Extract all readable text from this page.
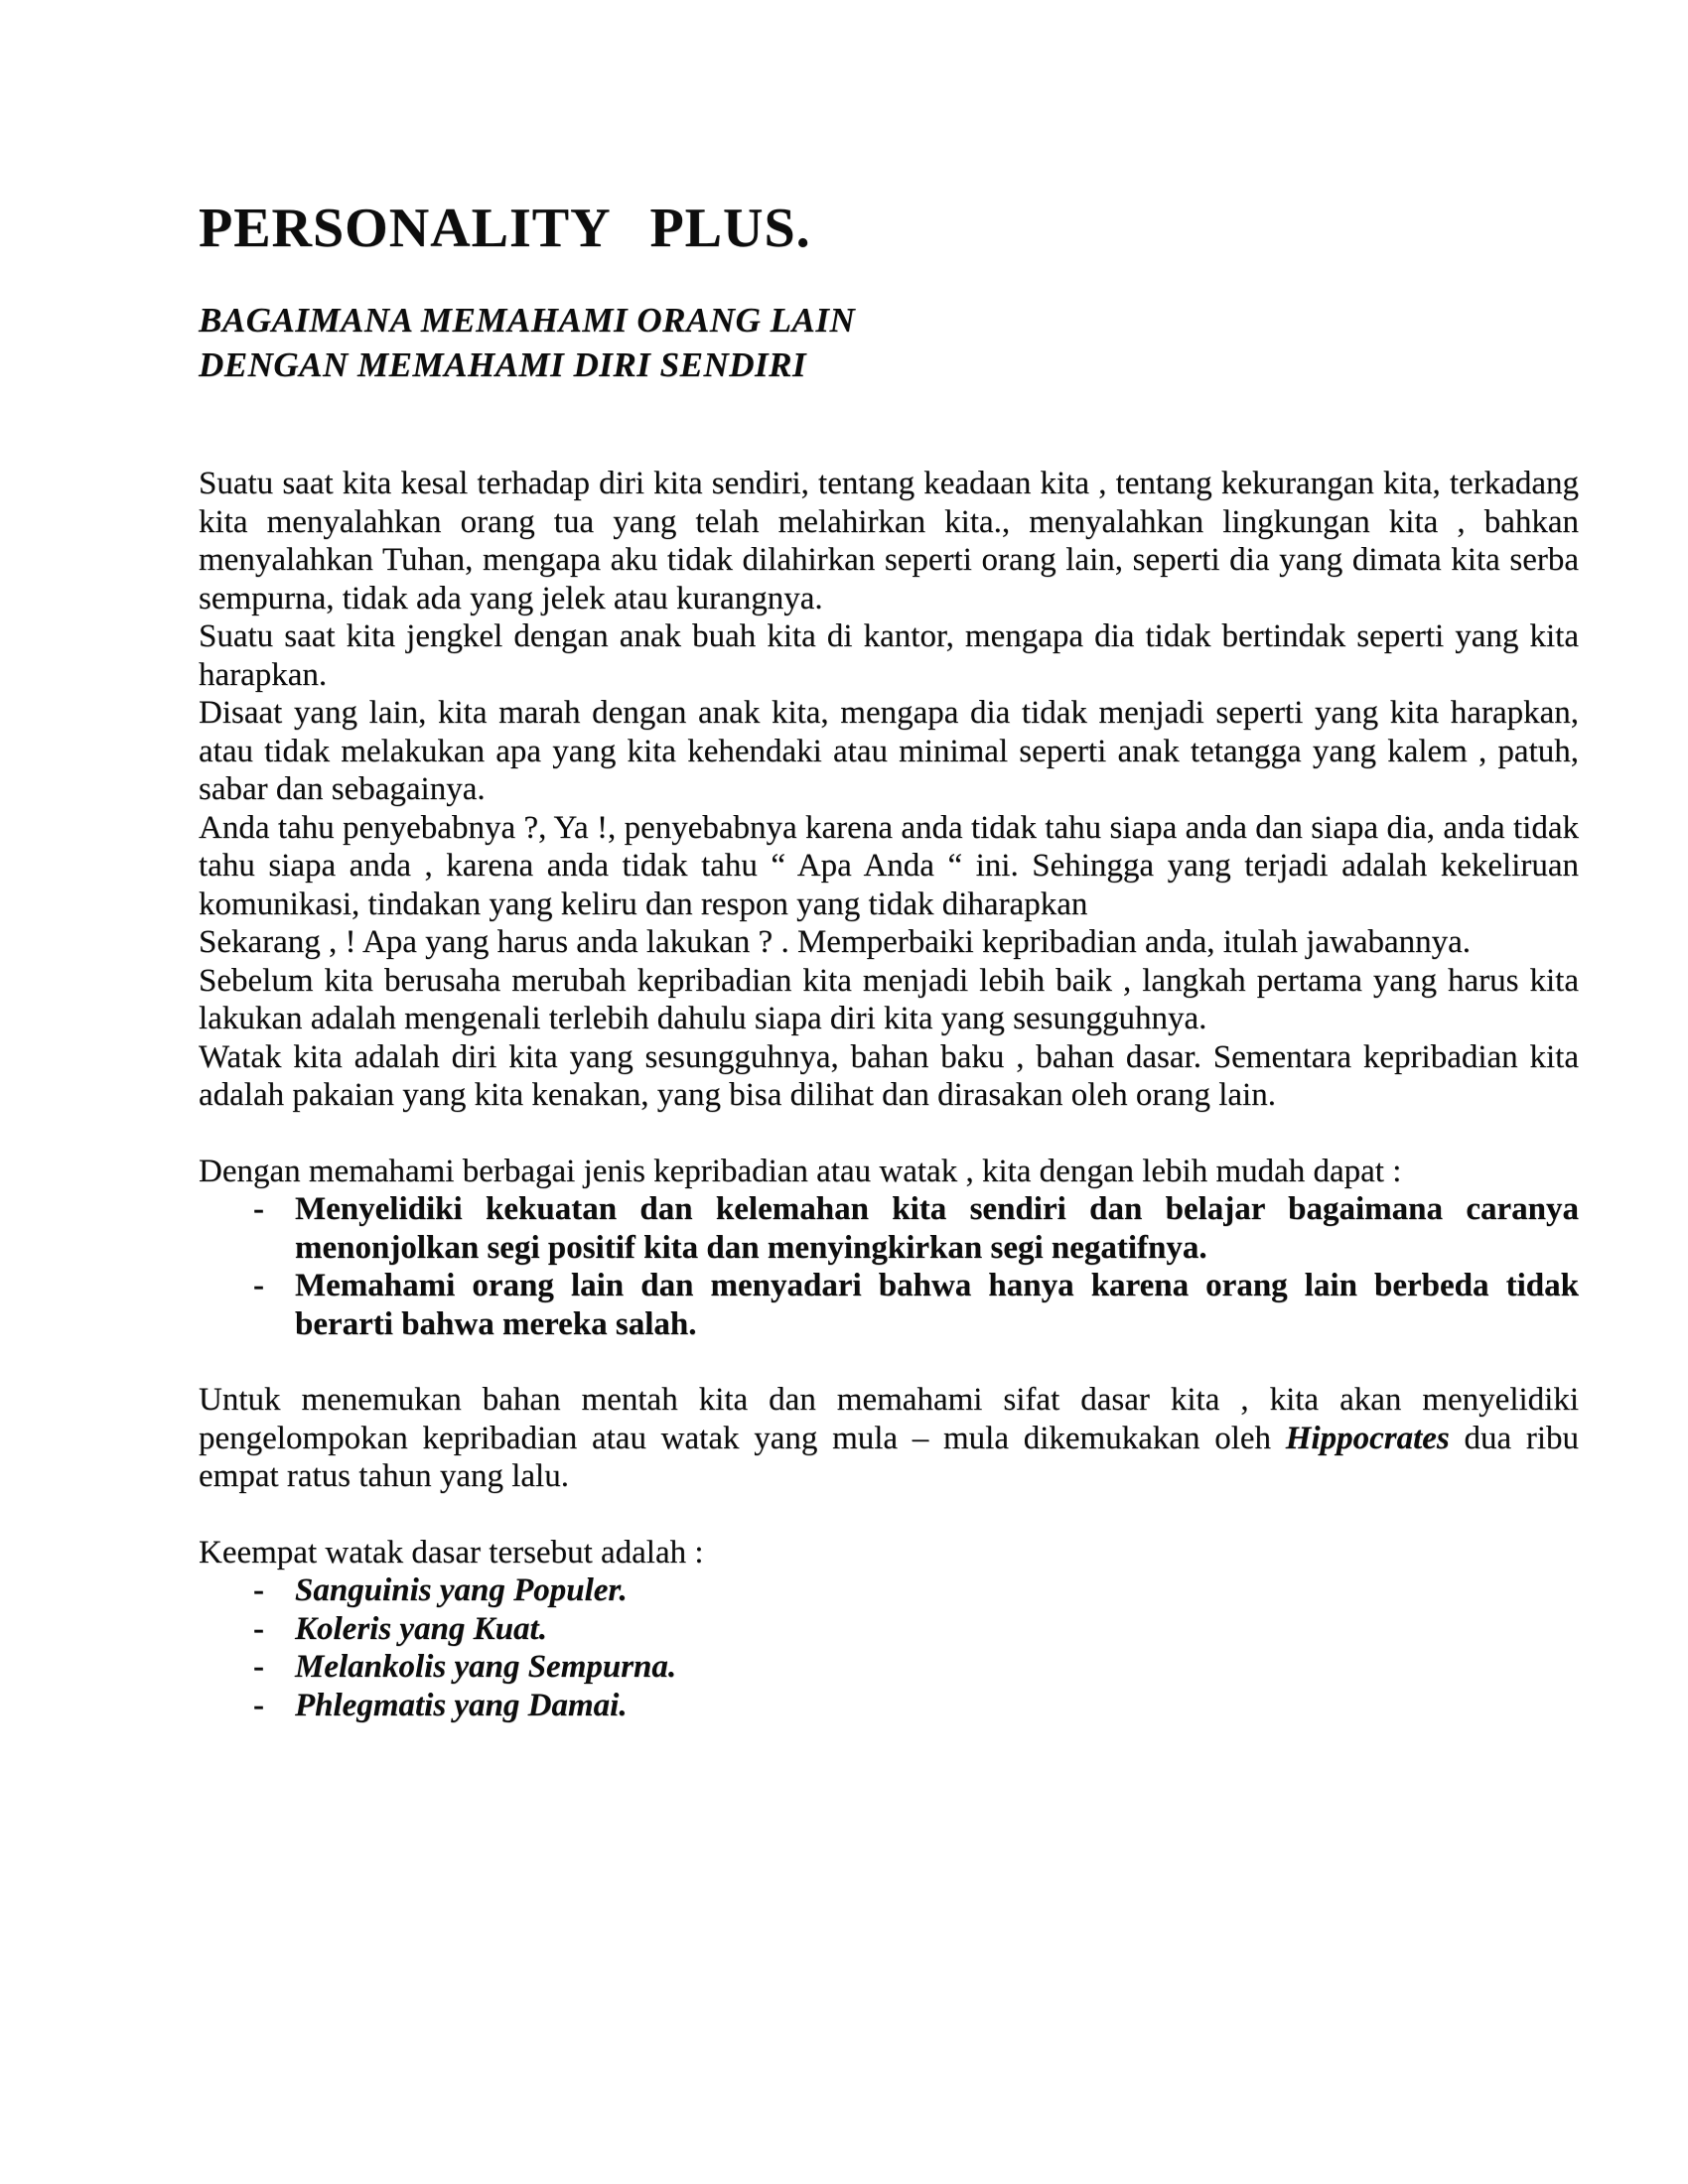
PERSONALITY PLUS.
BAGAIMANA MEMAHAMI ORANG LAIN
DENGAN MEMAHAMI DIRI SENDIRI

Suatu saat kita kesal terhadap diri kita sendiri, tentang keadaan kita , tentang kekurangan kita, terkadang kita menyalahkan orang tua yang telah melahirkan kita., menyalahkan lingkungan kita , bahkan menyalahkan Tuhan, mengapa aku tidak dilahirkan seperti orang lain, seperti dia yang dimata kita serba sempurna, tidak ada yang jelek atau kurangnya.

Suatu saat kita jengkel dengan anak buah kita di kantor, mengapa dia tidak bertindak seperti yang kita harapkan.

Disaat yang lain, kita marah dengan anak kita, mengapa dia tidak menjadi seperti yang kita harapkan, atau tidak melakukan apa yang kita kehendaki atau minimal seperti anak tetangga yang kalem , patuh, sabar dan sebagainya.

Anda tahu penyebabnya ?, Ya !, penyebabnya karena anda tidak tahu siapa anda dan siapa dia, anda tidak tahu siapa anda , karena anda tidak tahu “ Apa Anda “ ini. Sehingga yang terjadi adalah kekeliruan komunikasi, tindakan yang keliru dan respon yang tidak diharapkan

Sekarang , ! Apa yang harus anda lakukan ? . Memperbaiki kepribadian anda, itulah jawabannya.

Sebelum kita berusaha merubah kepribadian kita menjadi lebih baik , langkah pertama yang harus kita lakukan adalah mengenali terlebih dahulu siapa diri kita yang sesungguhnya.

Watak kita adalah diri kita yang sesungguhnya, bahan baku , bahan dasar. Sementara kepribadian kita adalah pakaian yang kita kenakan, yang bisa dilihat dan dirasakan oleh orang lain.

Dengan memahami berbagai jenis kepribadian atau watak , kita dengan lebih mudah dapat :

- Menyelidiki kekuatan dan kelemahan kita sendiri dan belajar bagaimana caranya menonjolkan segi positif kita dan menyingkirkan segi negatifnya.
- Memahami orang lain dan menyadari bahwa hanya karena orang lain berbeda tidak berarti bahwa mereka salah.

Untuk menemukan bahan mentah kita dan memahami sifat dasar kita , kita akan menyelidiki pengelompokan kepribadian atau watak yang mula – mula dikemukakan oleh Hippocrates dua ribu empat ratus tahun yang lalu.

Keempat watak dasar tersebut adalah :

- Sanguinis yang Populer.
- Koleris yang Kuat.
- Melankolis yang Sempurna.
- Phlegmatis yang Damai.
